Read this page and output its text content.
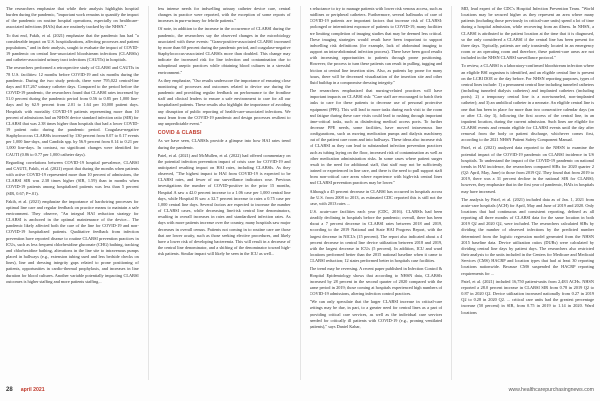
The researchers emphasize that while their analysis highlights hospital burden during the pandemic, "important work remains to quantify the impact of the pandemic on routine hospital operations, especially on healthcare-associated infections (HAIs) that are routinely tracked by the NHSN."

To that end, Fakih, et al. (2021) emphasize that the pandemic has had "a considerable impact on U.S. hospitalizations, affecting processes and patient populations," and in their analysis, sought to evaluate the impact of COVID-19 pandemic on central line-associated bloodstream infections (CLABSIs) and catheter-associated urinary tract infections (CAUTIs) in hospitals.

The researchers performed a retrospective study of CLABSI and CAUTIs in 78 U.S. facilities: 12 months before COVID-19 and six months during the pandemic. During the two study periods, there were 795,022 central-line days and 817,267 urinary catheter days. Compared to the period before the COVID-19 pandemic, the researchers found that CLABSI rates increased by 51.0 percent during the pandemic period from 0.56 to 0.85 per 1,000 line-days and by 62.9 percent from 2.01 to 1.64 per 10,000 patient days. Hospitals with mortality COVID-19 patients representing more than 10 percent of admissions had an NHSN device standard infection ratio (SIR) for CLABSI that was 2.38 times higher than hospitals that had a lower COVID-19 patient ratio during the pandemic period. Coagulase-negative Staphylococcus CLABSIs increased by 130 percent from 0.07 to 0.17 events per 1,000 line-days, and Candida spp. by 56.9 percent from 0.14 to 0.21 per 1,000 line-days. In contrast, no significant changes were identified for CAUTI (0.86 to 0.77 per 1,000 catheter days).

Regarding correlations between COVID-19 hospital prevalence, CLABSI and CAUTI, Fakih, et al. (2021) report that during the months when patients with active COVID-19 represented more than 10 percent of admissions, the CLABSI SIR was 2.38 times higher (SIR, 1.59) than in months when COVID-19 patients among hospitalized patients was less than 5 percent (SIR, 0.67; P=.01).

Fakih, et al. (2021) emphasize the importance of hardwiring processes for optimal line care and regular feedback on practice means to maintain a safe environment. They observe, "An integral HAI reduction strategy for CLABSI is anchored in the optimal maintenance of the device... The pandemic likely affected both the care of the line for COVID-19 and non-COVID-19 hospitalized patients. Qualitative feedback from infection prevention have reported disease to routine CLABSI prevention practices in ICUs, such as less frequent chlorhexidine gluconate (CHG) bathing, tracking and chlorhexidine bathing, alterations in the line site to intravenous pumps placed in hallways (e.g., extension tubing used and less bedside checks on lines), line and dressing integrity gaps related to prone positioning of patients, opportunities in cardio-thermal prophylaxis, and increases in line duration for blood cultures. Another variable potentially impacting CLABSI outcomes is higher staffing and more patients staffing...

less intense needs for indwelling urinary catheter device care, central changes in practice were reported, with the exception of some reports of increases in pure-urinary for febrile patients."

Of note, in addition to the increase in the occurrence of CLABSI during the pandemic, the researchers say the observed changes in the microbiology associated with these events: "Gram-positive-associated CLABSI increased by more than 60 percent during the pandemic period, and coagulase-negative Staphylococcus-associated CLABSIs more than doubled. This change may indicate the increased risk for line infection and contamination due to suboptimal aseptic practices while obtaining blood cultures in a stressful environment."

As they emphasize, "Our results underscore the importance of ensuring close monitoring of processes and outcomes related to device use during the pandemic and providing regular feedback on performance to the frontline staff and clinical leaders to ensure a safe environment to care for all our hospitalized patients. These results also highlight the importance of avoiding any disruption of public reporting of health-care-associated infections. We must learn from the COVID-19 pandemic and design processes resilient to any unpredictable event."

COVID & CLABSI

As we have seen, CLABSIs provide a glimpse into how HAI rates trend during the pandemic.

Patel, et al. (2021) and McMullen, et al. (2022) had offered commentary on the potential infection prevention impact of crisis care for COVID-19 and anticipated resulting impact on HAI rates, including CLABSIs. As they observed, "The highest impact to HAI from COVID-19 is expected to be CLABSI rates, and fewer of our surveillance indicators rose. Previous investigations the number of COVID-positive in the prior 15 months, Hospital A saw a 42.0 percent increase to a 1.06 case per 1,000 central line days, while Hospital B saw a 32.7 percent increase to rates a 0.75 case per 1,000 central line days. Several factors are expected to increase the number of CLABSI cases, while decreasing line/risk central line denominators, resulting in overall increases in rates and standardized infection rates. As days with more patients increase over the country, many hospitals saw major decreases in overall census. Patients not coming in to routine care are those that are lower acuity, such as those seeking elective procedures, and likely have a lower risk of developing bacteremia. This will result in a decrease of the central line denominator, and a shifting of the denominator toward high-risk patients. Similar impact will likely be seen in the ICU as well...

a reluctance to try to manage patients with lower risk venous access, such as midlines or peripheral catheters. Furthermore, several hallmarks of care of COVID-19 patients are important factors that increase risk of CLABSI: prolonged or intermittent exposure of patients to COVID-19, many facilities are limiting completion of imaging studies that may be deemed less critical. These imaging strategies would result have been important to support indwelling risk definitions (for example, lack of abdominal imaging to support an intra-abdominal infection process). There have been good results with increasing opportunities to patients through prone positioning. However, the process to turn these patients can result in pulling, tugging and friction at central line insertion sites. Also, as patients lay prone for many hours, there will be decreased visualization of the insertion site and other fluid buildup in a compromise dressing integrity."

The researchers emphasized that nursing-related practices will have important impacts on CLABSI risk: "Care staff are encouraged to batch their tasks to care for these patients to decrease use of personal protective equipment (PPE). This will lead to more tasks during each visit to the room and fatigue during these care visits could lead to rushing through important time-critical tasks, such as disinfecting medical access ports. To further decrease PPE needs, some facilities, have moved intravenous line configurations, such as moving medication pumps and dialysis machinery out of the patient care room and into hallways. These ideas also increase risk of CLABSI as they can lead to substandard infection prevention practices such as tubing laying on the floor, increased risk of contamination as well as other medication administration risks. In some cases where patient surges result in the need for additional staff, that staff may not be sufficiently trained or experienced in line care, and there is the need to pull support staff from non-critical care areas where experience with high-risk central lines and CLABSI prevention practices may be lower."

Although a 45 percent decrease in CLABSI has occurred in hospitals across the U.S. from 2008 to 2013, as estimated CDC reported this is still not the case, with 2013 rates ...

U.S. acute-care facilities each year (CDC, 2016). CLABSIs had been steadily declining in hospitals before the pandemic; overall, there has been about a 7 percent decrease in CLABSI rates between 2018 and 2019, according to the 2019 National and State HAI Progress Report, with the largest decrease in NICUs (15 percent). The report also indicated about a 4 percent decrease in central line device utilization between 2018 and 2019, with the largest decrease in ICUs (5 percent). In addition, ICU and ward locations performed better than the 2015 national baseline when it came to CLABSI reduction; 12 states performed better in hospitals case facilities.

The trend may be reversing. A recent paper published in Infection Control & Hospital Epidemiology shows that according to NHSN data, CLABSIs increased by 28 percent in the second quarter of 2020 compared with the same period in 2019; those coming at hospitals experienced high numbers of COVID-19 admissions, altering infection control practices.

"We can only speculate that the larger CLABSI increase in critical-care settings may be due, in part, to a greater need for central lines as a part of providing critical care services, as well as the individual care services needed for critically ill patients with COVID-19 (e.g., proning ventilated patients)," says Daniel Kahar,

MD, lead expert of the CDC's Hospital Infection Prevention Team. "World locations may be secured higher as they represent an area where many patients (including those previously in critical-care units) spend a lot of time during a hospital admission, while recovering from an illness. In NHSN, a CLABSI is attributed to the patient location at the time that it is diagnosed, so the only considered a CLABSI if the central line has been present for three days. Typically, patients are only transiently located in an emergency room or an operating room and therefore, these patient-care areas are not included in the NHSN CLABSI surveillance protocol."

To review, a CLABSI is a laboratory-confirmed bloodstream infection where an eligible BSI organism is identified, and an eligible central line is present on the LCBI DOE or the day before. For NHSN reporting purposes, types of central lines include: 1) a permanent central line including tunneled catheters (including tunneled dialysis catheters) and implanted catheters (including ports); 2) a temporary central line is a non-tunneled, non-implanted catheter); and 3) an umbilical catheter in a neonate. An eligible central line is one that has been in place for more than two consecutive calendar days (on or after CL day 3), following the first access of the central line, in an inpatient location, during the current admission. Such lines are eligible for CLABSI events and remain eligible for CLABSI events until the day after removal from the body or patient discharge, whichever comes first, according to the 2021 NHSN Patient Safety Component Manual.

Patel, et al. (2021) analyzed data reported to the NHSN to examine the potential impact of the COVID-19 pandemic on CLABSI incidence in US hospitals. To understand the impact of the COVID-19 pandemic on national trends in HAI incidence, the researchers compared SIRs for 2020 quarter 2 (Q2: April, May, June) to those from 2019 Q2. They found that from 2019 to 2019, there was a 31 percent decline in the national SIR for CLABSI; however, they emphasize that in the first year of pandemic, HAIs in hospitals may have increased.

The analysis by Patel, et al. (2021) included data as of Jan. 1, 2021 from acute-care hospitals (ACH) for April, May and June of 2019 and 2020. Only locations that had continuous and consistent reporting, defined as all reporting all three months of CLABSI data for the same location in both 2019 Q2 and 2020 Q2, were included. The researchers calculated SIRs by dividing the number of observed infections by the predicted number determined from the logistic regression model generated from the NHSN 2015 baseline data. Device utilization ratios (DURs) were calculated by dividing central line days by patient days. The researchers also restricted their analysis to the units included in the Centers for Medicare and Medicaid Services (CMS) HACRP and location types that had at least 30 reporting locations nationwide. Because CMS suspended the HACRP reporting requirements for ...

Patel, et al. (2021) included 16,750 patient-units from 2,483 ACHs. NHSN reported a 28.0 percent increase in CLABSI SIR from 0.78 in 2019 Q2 to 0.87 in 2020 Q2. Device utilization increased nationally from 0.27 in 2019 Q2 to 0.28 in 2020 Q2. ... critical care units had the greatest percentage increase (50 percent) in SIR, from 0.75 in 2019 to 1.14 in 2020. Ward locations

28 april 2021	www.healthcarepurchasingnews.com
